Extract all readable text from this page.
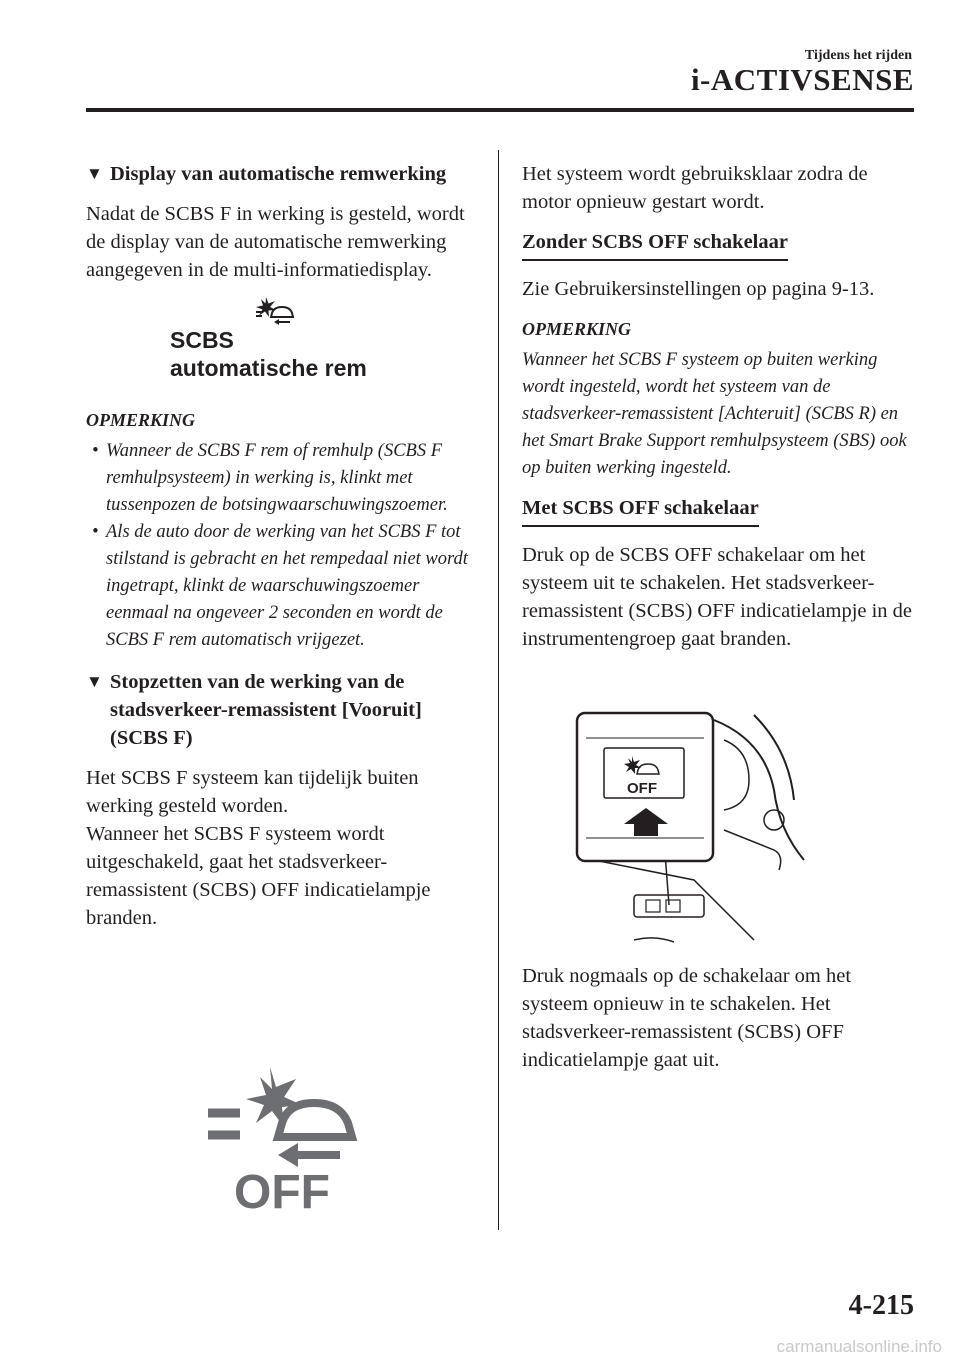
Tijdens het rijden
i-ACTIVSENSE
▼ Display van automatische remwerking

Nadat de SCBS F in werking is gesteld, wordt de display van de automatische remwerking aangegeven in de multi-informatiedisplay.

SCBS
automatische rem
OPMERKING
• Wanneer de SCBS F rem of remhulp (SCBS F remhulpsysteem) in werking is, klinkt met tussenpozen de botsingwaarschuwingszoemer.
• Als de auto door de werking van het SCBS F tot stilstand is gebracht en het rempedaal niet wordt ingetrapt, klinkt de waarschuwingszoemer eenmaal na ongeveer 2 seconden en wordt de SCBS F rem automatisch vrijgezet.
▼ Stopzetten van de werking van de stadsverkeer-remassistent [Vooruit] (SCBS F)

Het SCBS F systeem kan tijdelijk buiten werking gesteld worden.

Wanneer het SCBS F systeem wordt uitgeschakeld, gaat het stadsverkeer-remassistent (SCBS) OFF indicatielampje branden.

OFF

Het systeem wordt gebruiksklaar zodra de motor opnieuw gestart wordt.

Zonder SCBS OFF schakelaar

Zie Gebruikersinstellingen op pagina 9-13.

OPMERKING

Wanneer het SCBS F systeem op buiten werking wordt ingesteld, wordt het systeem van de stadsverkeer-remassistent [Achteruit] (SCBS R) en het Smart Brake Support remhulpsysteem (SBS) ook op buiten werking ingesteld.

Met SCBS OFF schakelaar

Druk op de SCBS OFF schakelaar om het systeem uit te schakelen. Het stadsverkeer-remassistent (SCBS) OFF indicatielampje in de instrumentengroep gaat branden.

OFF

Druk nogmaals op de schakelaar om het systeem opnieuw in te schakelen. Het stadsverkeer-remassistent (SCBS) OFF indicatielampje gaat uit.

4-215
carmanualsonline.info
